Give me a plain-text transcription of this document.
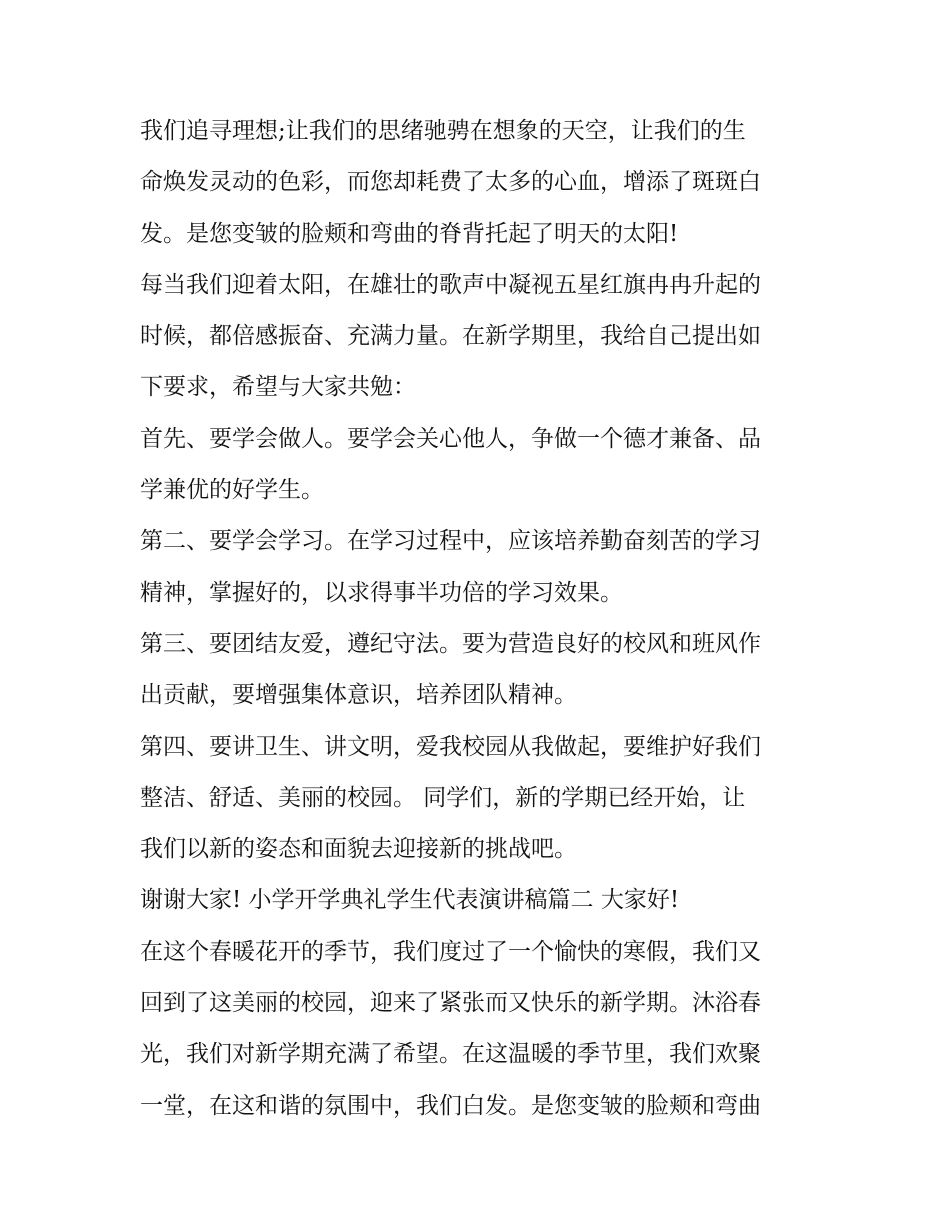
我们追寻理想;让我们的思绪驰骋在想象的天空，让我们的生
命焕发灵动的色彩，而您却耗费了太多的心血，增添了斑斑白
发。是您变皱的脸颊和弯曲的脊背托起了明天的太阳!
每当我们迎着太阳，在雄壮的歌声中凝视五星红旗冉冉升起的
时候，都倍感振奋、充满力量。在新学期里，我给自己提出如
下要求，希望与大家共勉：
首先、要学会做人。要学会关心他人，争做一个德才兼备、品
学兼优的好学生。
第二、要学会学习。在学习过程中，应该培养勤奋刻苦的学习
精神，掌握好的，以求得事半功倍的学习效果。
第三、要团结友爱，遵纪守法。要为营造良好的校风和班风作
出贡献，要增强集体意识，培养团队精神。
第四、要讲卫生、讲文明，爱我校园从我做起，要维护好我们
整洁、舒适、美丽的校园。 同学们，新的学期已经开始，让
我们以新的姿态和面貌去迎接新的挑战吧。
谢谢大家! 小学开学典礼学生代表演讲稿篇二 大家好!
在这个春暖花开的季节，我们度过了一个愉快的寒假，我们又
回到了这美丽的校园，迎来了紧张而又快乐的新学期。沐浴春
光，我们对新学期充满了希望。在这温暖的季节里，我们欢聚
一堂，在这和谐的氛围中，我们白发。是您变皱的脸颊和弯曲
